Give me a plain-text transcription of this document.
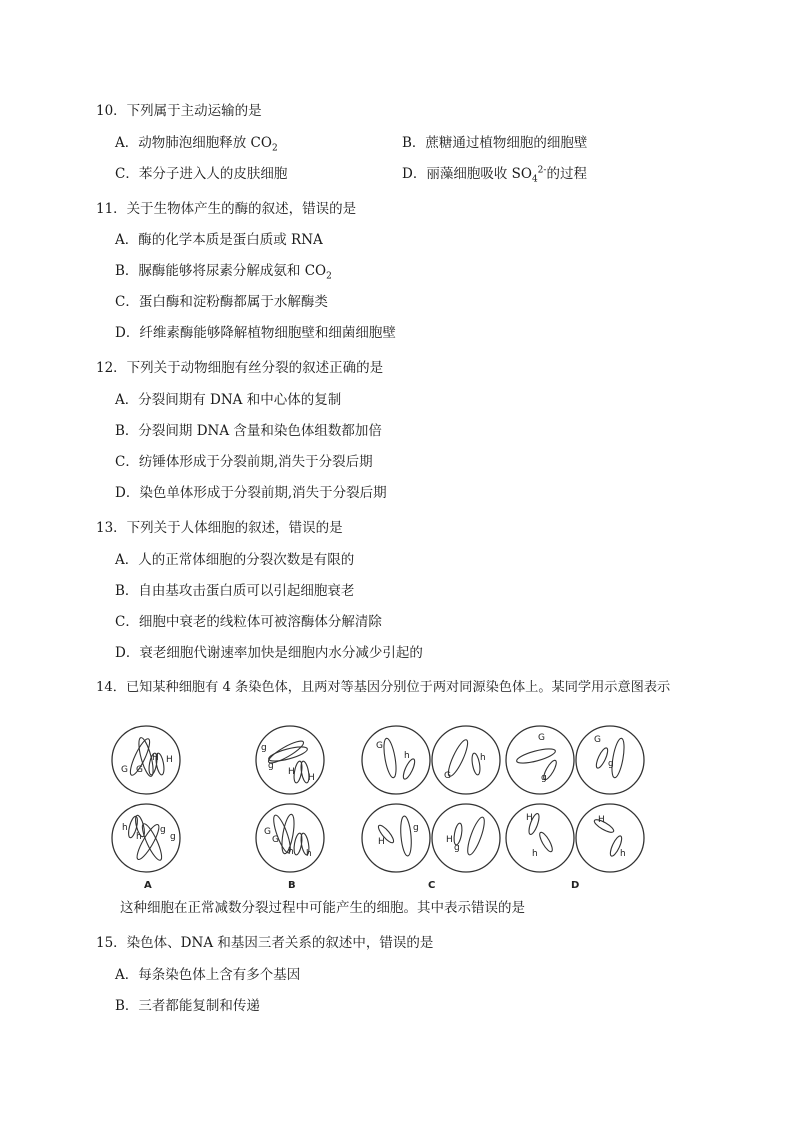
10．下列属于主动运输的是
A．动物肺泡细胞释放 $CO_2$	B．蔗糖通过植物细胞的细胞壁
C．苯分子进入人的皮肤细胞	D．丽藻细胞吸收 $SO_4^{2-}$的过程
11．关于生物体产生的酶的叙述，错误的是
A．酶的化学本质是蛋白质或 RNA
B．脲酶能够将尿素分解成氨和 $CO_2$
C．蛋白酶和淀粉酶都属于水解酶类
D．纤维素酶能够降解植物细胞壁和细菌细胞壁
12．下列关于动物细胞有丝分裂的叙述正确的是
A．分裂间期有 DNA 和中心体的复制
B．分裂间期 DNA 含量和染色体组数都加倍
C．纺锤体形成于分裂前期,消失于分裂后期
D．染色单体形成于分裂前期,消失于分裂后期
13．下列关于人体细胞的叙述，错误的是
A．人的正常体细胞的分裂次数是有限的
B．自由基攻击蛋白质可以引起细胞衰老
C．细胞中衰老的线粒体可被溶酶体分解清除
D．衰老细胞代谢速率加快是细胞内水分减少引起的
14．已知某种细胞有 4 条染色体，且两对等基因分别位于两对同源染色体上。某同学用示意图表示
G G
H H
h
h
g
g
A
g
g
H
H
G
G
h h
B
G
h
G
h
H
g
H
g
C
G
g
G
g
H
h
H
h
D
这种细胞在正常减数分裂过程中可能产生的细胞。其中表示错误的是
15．染色体、DNA 和基因三者关系的叙述中，错误的是
A．每条染色体上含有多个基因
B．三者都能复制和传递
